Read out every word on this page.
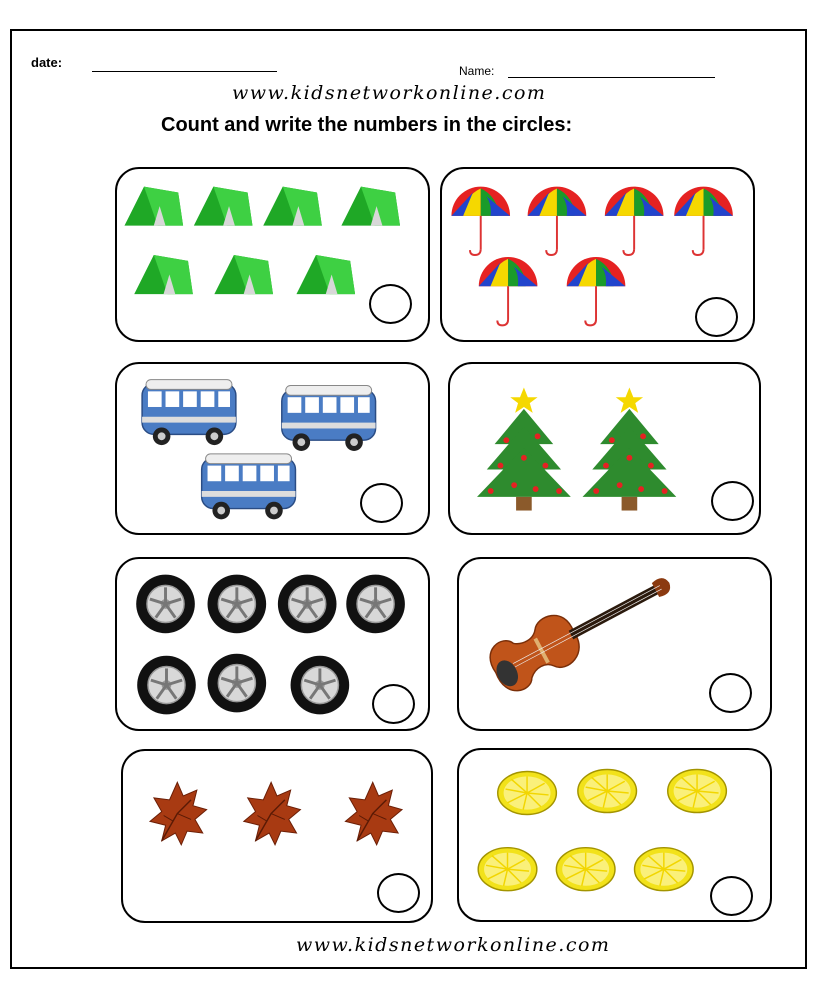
date:
Name:
www.kidsnetworkonline.com
Count and write the numbers in the circles:
www.kidsnetworkonline.com
